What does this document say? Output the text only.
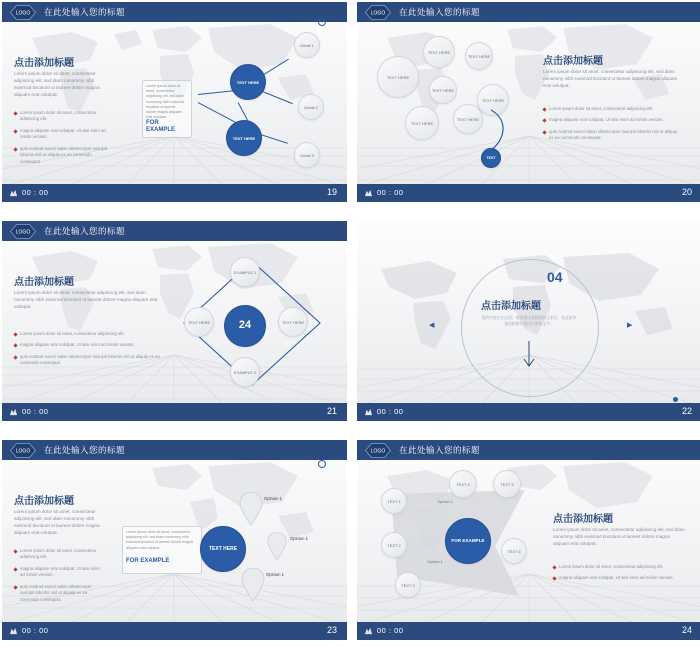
LOGO 在此处输入您的标题
点击添加标题
Lorem ipsum dolor sit amet, consectetur adipiscing elit, sed diam nonummy nibh euismod tincidunt ut laoreet dolore magna aliquam erat volutpat.
Lorem ipsum dolor sit amet, consectetur adipiscing elit.
magna aliquam erat volutpat. Ut wisi enim ad minim veniam.
quis nostrud exerci tation ullamcorper suscipit lobortis nisl ut aliquip ex ea commodo consequat.
TEXT HERE
TEXT HERE
Detail 1
Detail 2
Detail 3
Lorem ipsum dolor sit amet, consectetur adipiscing elit, sed diam nonummy nibh euismod tincidunt ut laoreet dolore magna aliquam erat volutpat.
FOR EXAMPLE
00 : 00	19
LOGO 在此处输入您的标题
TEXT HERE
TEXT HERE
TEXT HERE
TEXT HERE
TEXT HERE
TEXT HERE
TEXT HERE
TEXT
点击添加标题
Lorem ipsum dolor sit amet, consectetur adipiscing elit, sed diam nonummy nibh euismod tincidunt ut laoreet dolore magna aliquam erat volutpat.
Lorem ipsum dolor sit amet, consectetur adipiscing elit.
magna aliquam erat volutpat. Ut wisi enim ad minim veniam.
quis nostrud exerci tation ullamcorper suscipit lobortis nisl ut aliquip ex ea commodo consequat.
00 : 00	20
LOGO 在此处输入您的标题
点击添加标题
Lorem ipsum dolor sit amet, consectetur adipiscing elit, sed diam nonummy nibh euismod tincidunt ut laoreet dolore magna aliquam erat volutpat.
Lorem ipsum dolor sit amet, consectetur adipiscing elit.
magna aliquam erat volutpat. Ut wisi enim ad minim veniam.
quis nostrud exerci tation ullamcorper suscipit lobortis nisl ut aliquip ex ea commodo consequat.
EXAMPLE 1
TEXT HERE	TEXT HERE
EXAMPLE 2
24
00 : 00	21
04
点击添加标题
您的内容打在这里，或者通过复制您的文本后，在此框中选择粘贴并选择只保留文字。
◀	▶
00 : 00	22
LOGO 在此处输入您的标题
点击添加标题
Lorem ipsum dolor sit amet, consectetur adipiscing elit, sed diam nonummy nibh euismod tincidunt ut laoreet dolore magna aliquam erat volutpat.
Lorem ipsum dolor sit amet, consectetur adipiscing elit.
magna aliquam erat volutpat. Ut wisi enim ad minim veniam.
quis nostrud exerci tation ullamcorper suscipit lobortis nisl ut aliquip ex ea commodo consequat.
Lorem ipsum dolor sit amet, consectetur adipiscing elit, sed diam nonummy nibh euismod tincidunt ut laoreet dolore magna aliquam erat volutpat.
FOR EXAMPLE
Opinion 1
Opinion 1
Opinion 1
TEXT HERE
00 : 00	23
LOGO 在此处输入您的标题
TEXT 1
TEXT 2
TEXT 3
TEXT 4	TEXT 5
TEXT 6
Opinion 1
Opinion 1
FOR EXAMPLE
点击添加标题
Lorem ipsum dolor sit amet, consectetur adipiscing elit, sed diam nonummy nibh euismod tincidunt ut laoreet dolore magna aliquam erat volutpat.
Lorem ipsum dolor sit amet, consectetur adipiscing elit.
magna aliquam erat volutpat. Ut wisi enim ad minim veniam.
00 : 00	24
